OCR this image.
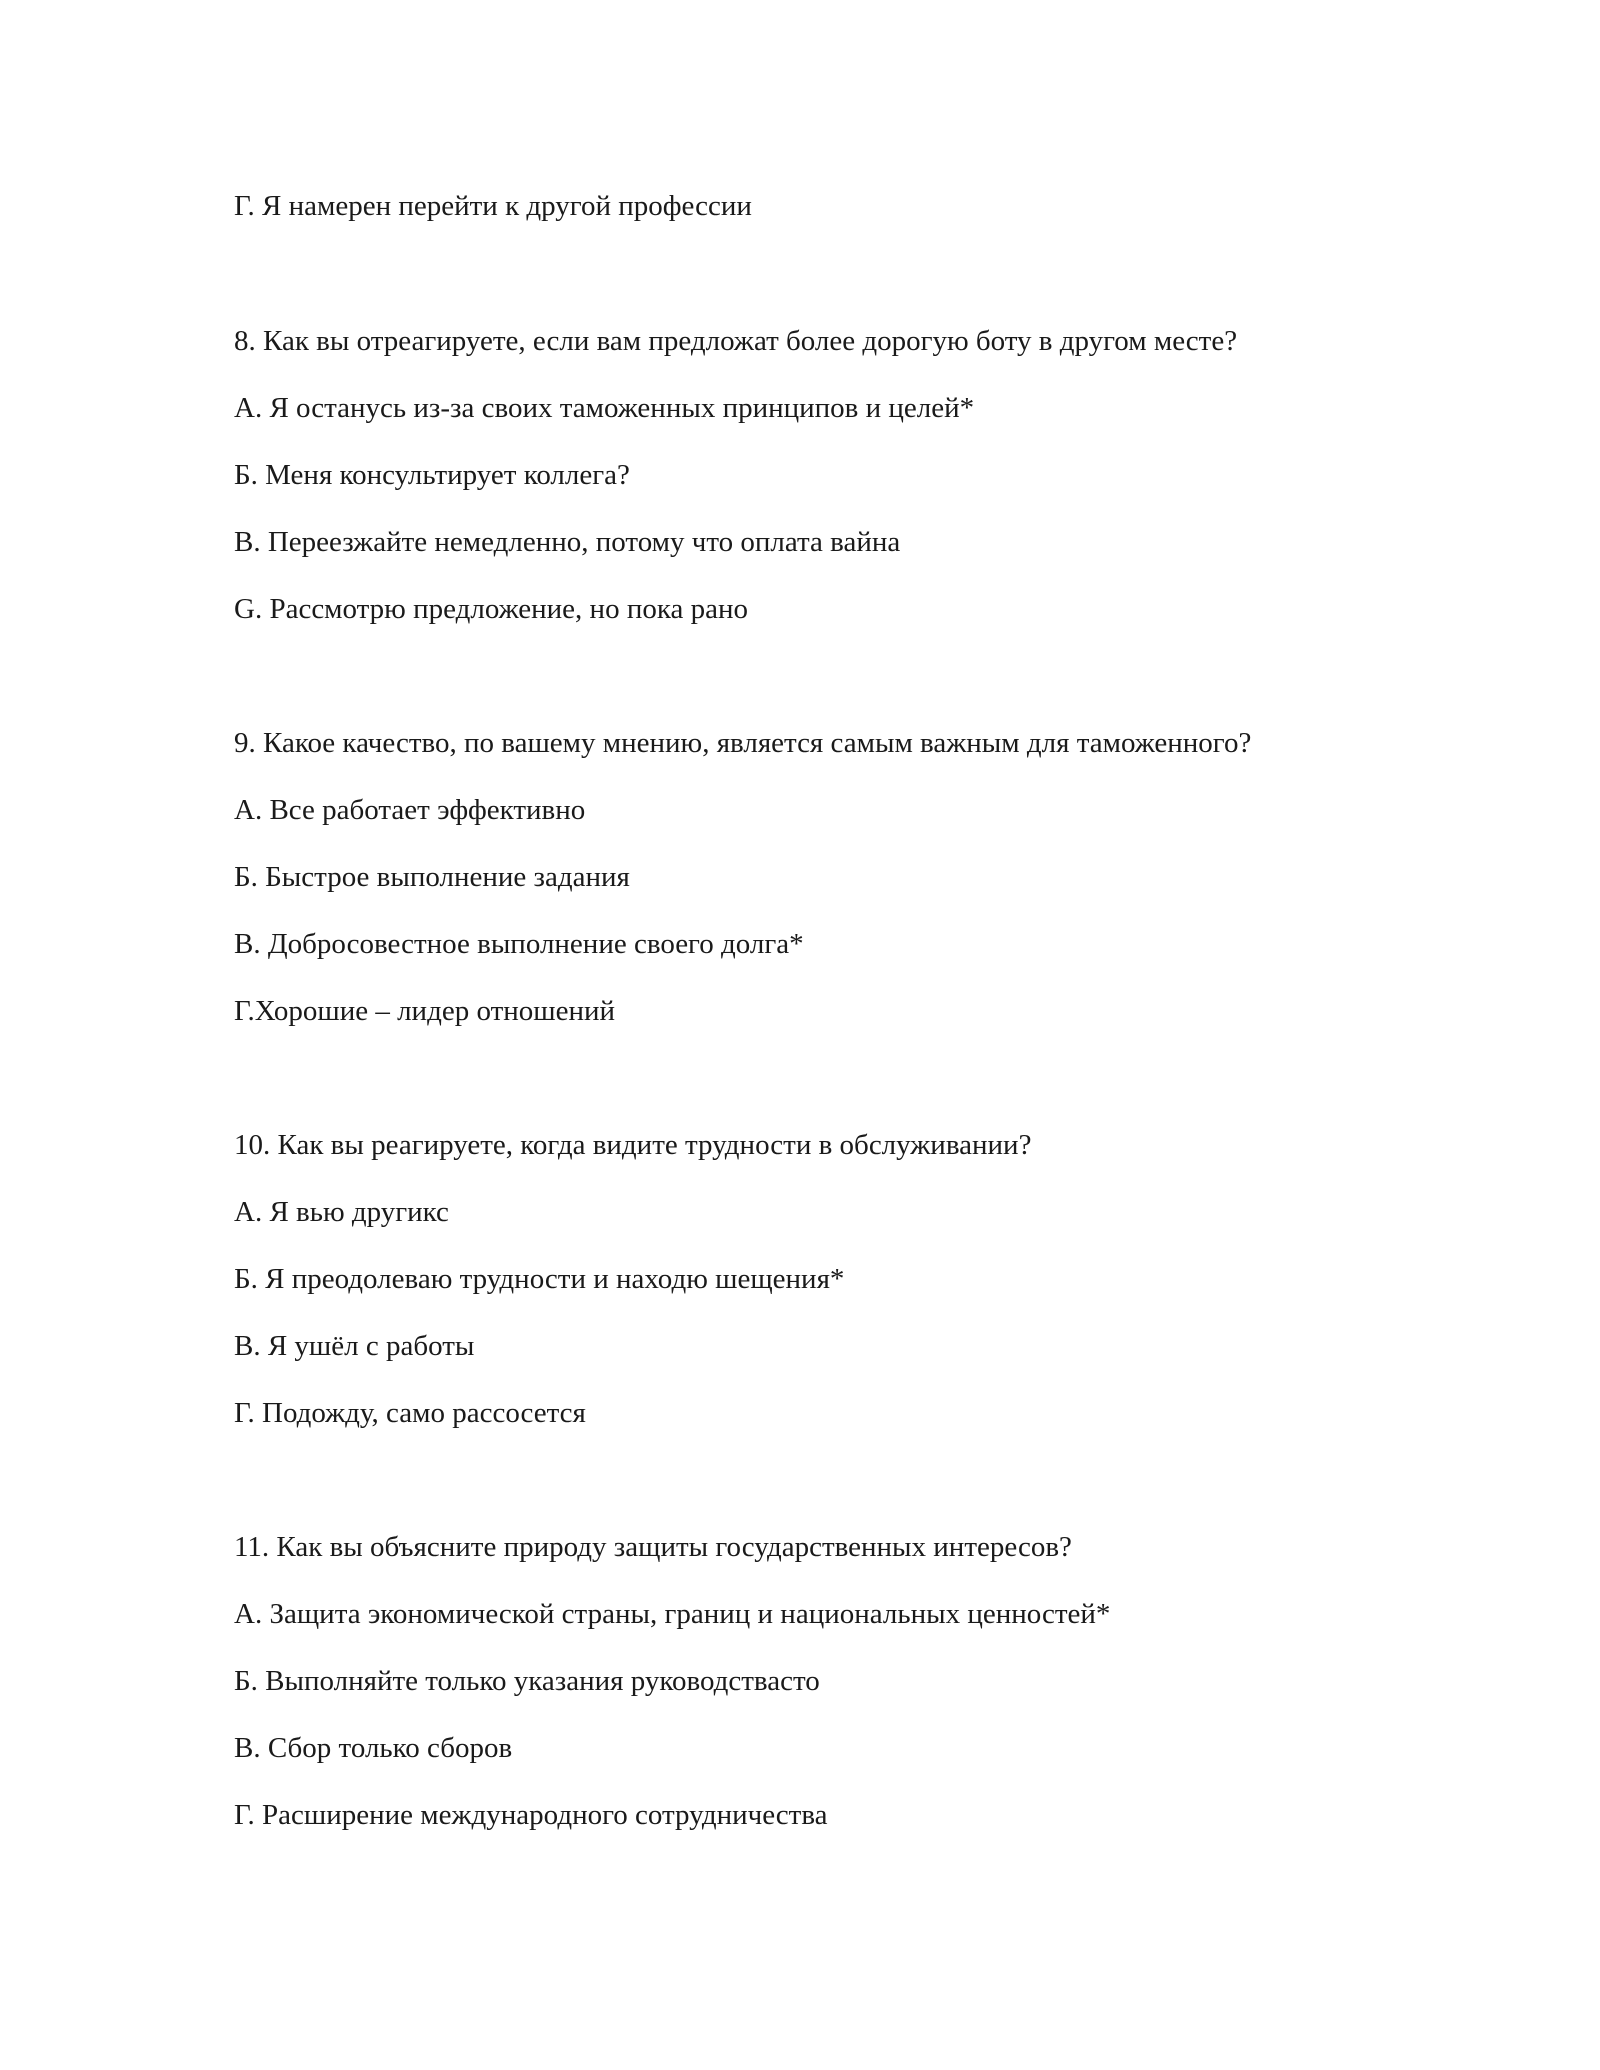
Г. Я намерен перейти к другой профессии

8. Как вы отреагируете, если вам предложат более дорогую боту в другом месте?

А. Я останусь из-за своих таможенных принципов и целей*

Б. Меня консультирует коллега?

В. Переезжайте немедленно, потому что оплата вайна

G. Рассмотрю предложение, но пока рано

9. Какое качество, по вашему мнению, является самым важным для таможенного?

А. Все работает эффективно

Б. Быстрое выполнение задания

В. Добросовестное выполнение своего долга*

Г.Хорошие – лидер отношений

10. Как вы реагируете, когда видите трудности в обслуживании?

А. Я вью другикс

Б. Я преодолеваю трудности и находю шещения*

В. Я ушёл с работы

Г. Подожду, само рассосется

11. Как вы объясните природу защиты государственных интересов?

А. Защита экономической страны, границ и национальных ценностей*

Б. Выполняйте только указания руководствасто

В. Сбор только сборов

Г. Расширение международного сотрудничества
